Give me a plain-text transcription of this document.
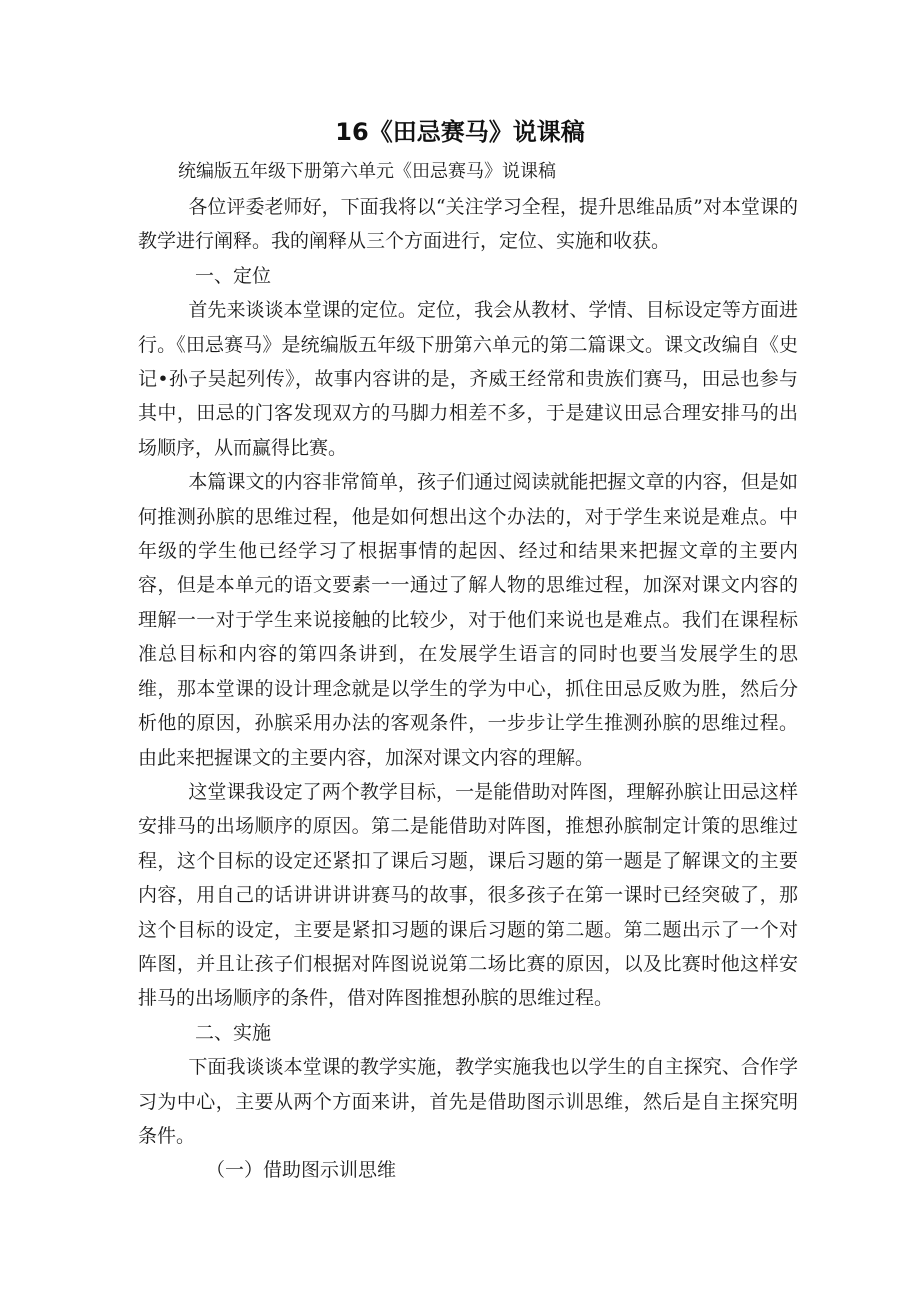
16《田忌赛马》说课稿
统编版五年级下册第六单元《田忌赛马》说课稿

各位评委老师好，下面我将以“关注学习全程，提升思维品质”对本堂课的教学进行阐释。我的阐释从三个方面进行，定位、实施和收获。

一、定位

首先来谈谈本堂课的定位。定位，我会从教材、学情、目标设定等方面进行。《田忌赛马》是统编版五年级下册第六单元的第二篇课文。课文改编自《史记•孙子吴起列传》，故事内容讲的是，齐威王经常和贵族们赛马，田忌也参与其中，田忌的门客发现双方的马脚力相差不多，于是建议田忌合理安排马的出场顺序，从而赢得比赛。

本篇课文的内容非常简单，孩子们通过阅读就能把握文章的内容，但是如何推测孙膑的思维过程，他是如何想出这个办法的，对于学生来说是难点。中年级的学生他已经学习了根据事情的起因、经过和结果来把握文章的主要内容，但是本单元的语文要素一一通过了解人物的思维过程，加深对课文内容的理解一一对于学生来说接触的比较少，对于他们来说也是难点。我们在课程标准总目标和内容的第四条讲到，在发展学生语言的同时也要当发展学生的思维，那本堂课的设计理念就是以学生的学为中心，抓住田忌反败为胜，然后分析他的原因，孙膑采用办法的客观条件，一步步让学生推测孙膑的思维过程。由此来把握课文的主要内容，加深对课文内容的理解。

这堂课我设定了两个教学目标，一是能借助对阵图，理解孙膑让田忌这样安排马的出场顺序的原因。第二是能借助对阵图，推想孙膑制定计策的思维过程，这个目标的设定还紧扣了课后习题，课后习题的第一题是了解课文的主要内容，用自己的话讲讲讲讲赛马的故事，很多孩子在第一课时已经突破了，那这个目标的设定，主要是紧扣习题的课后习题的第二题。第二题出示了一个对阵图，并且让孩子们根据对阵图说说第二场比赛的原因，以及比赛时他这样安排马的出场顺序的条件，借对阵图推想孙膑的思维过程。

二、实施

下面我谈谈本堂课的教学实施，教学实施我也以学生的自主探究、合作学习为中心，主要从两个方面来讲，首先是借助图示训思维，然后是自主探究明条件。

（一）借助图示训思维
